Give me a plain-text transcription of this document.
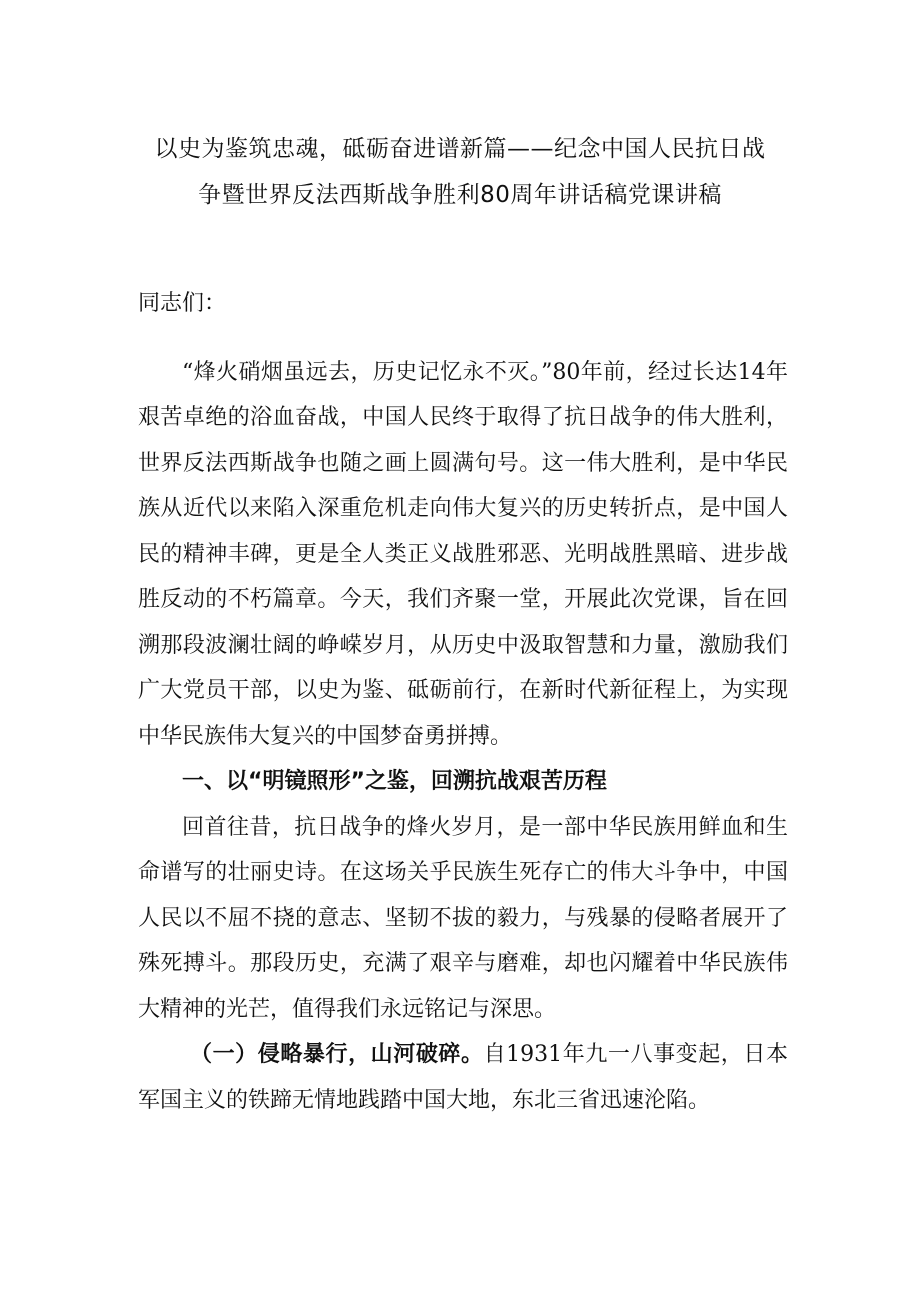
以史为鉴筑忠魂，砥砺奋进谱新篇——纪念中国人民抗日战
争暨世界反法西斯战争胜利80周年讲话稿党课讲稿

同志们：

“烽火硝烟虽远去，历史记忆永不灭。”80年前，经过长达14年艰苦卓绝的浴血奋战，中国人民终于取得了抗日战争的伟大胜利，世界反法西斯战争也随之画上圆满句号。这一伟大胜利，是中华民族从近代以来陷入深重危机走向伟大复兴的历史转折点，是中国人民的精神丰碑，更是全人类正义战胜邪恶、光明战胜黑暗、进步战胜反动的不朽篇章。今天，我们齐聚一堂，开展此次党课，旨在回溯那段波澜壮阔的峥嵘岁月，从历史中汲取智慧和力量，激励我们广大党员干部，以史为鉴、砥砺前行，在新时代新征程上，为实现中华民族伟大复兴的中国梦奋勇拼搏。

一、以“明镜照形”之鉴，回溯抗战艰苦历程

回首往昔，抗日战争的烽火岁月，是一部中华民族用鲜血和生命谱写的壮丽史诗。在这场关乎民族生死存亡的伟大斗争中，中国人民以不屈不挠的意志、坚韧不拔的毅力，与残暴的侵略者展开了殊死搏斗。那段历史，充满了艰辛与磨难，却也闪耀着中华民族伟大精神的光芒，值得我们永远铭记与深思。

（一）侵略暴行，山河破碎。自1931年九一八事变起，日本军国主义的铁蹄无情地践踏中国大地，东北三省迅速沦陷。
